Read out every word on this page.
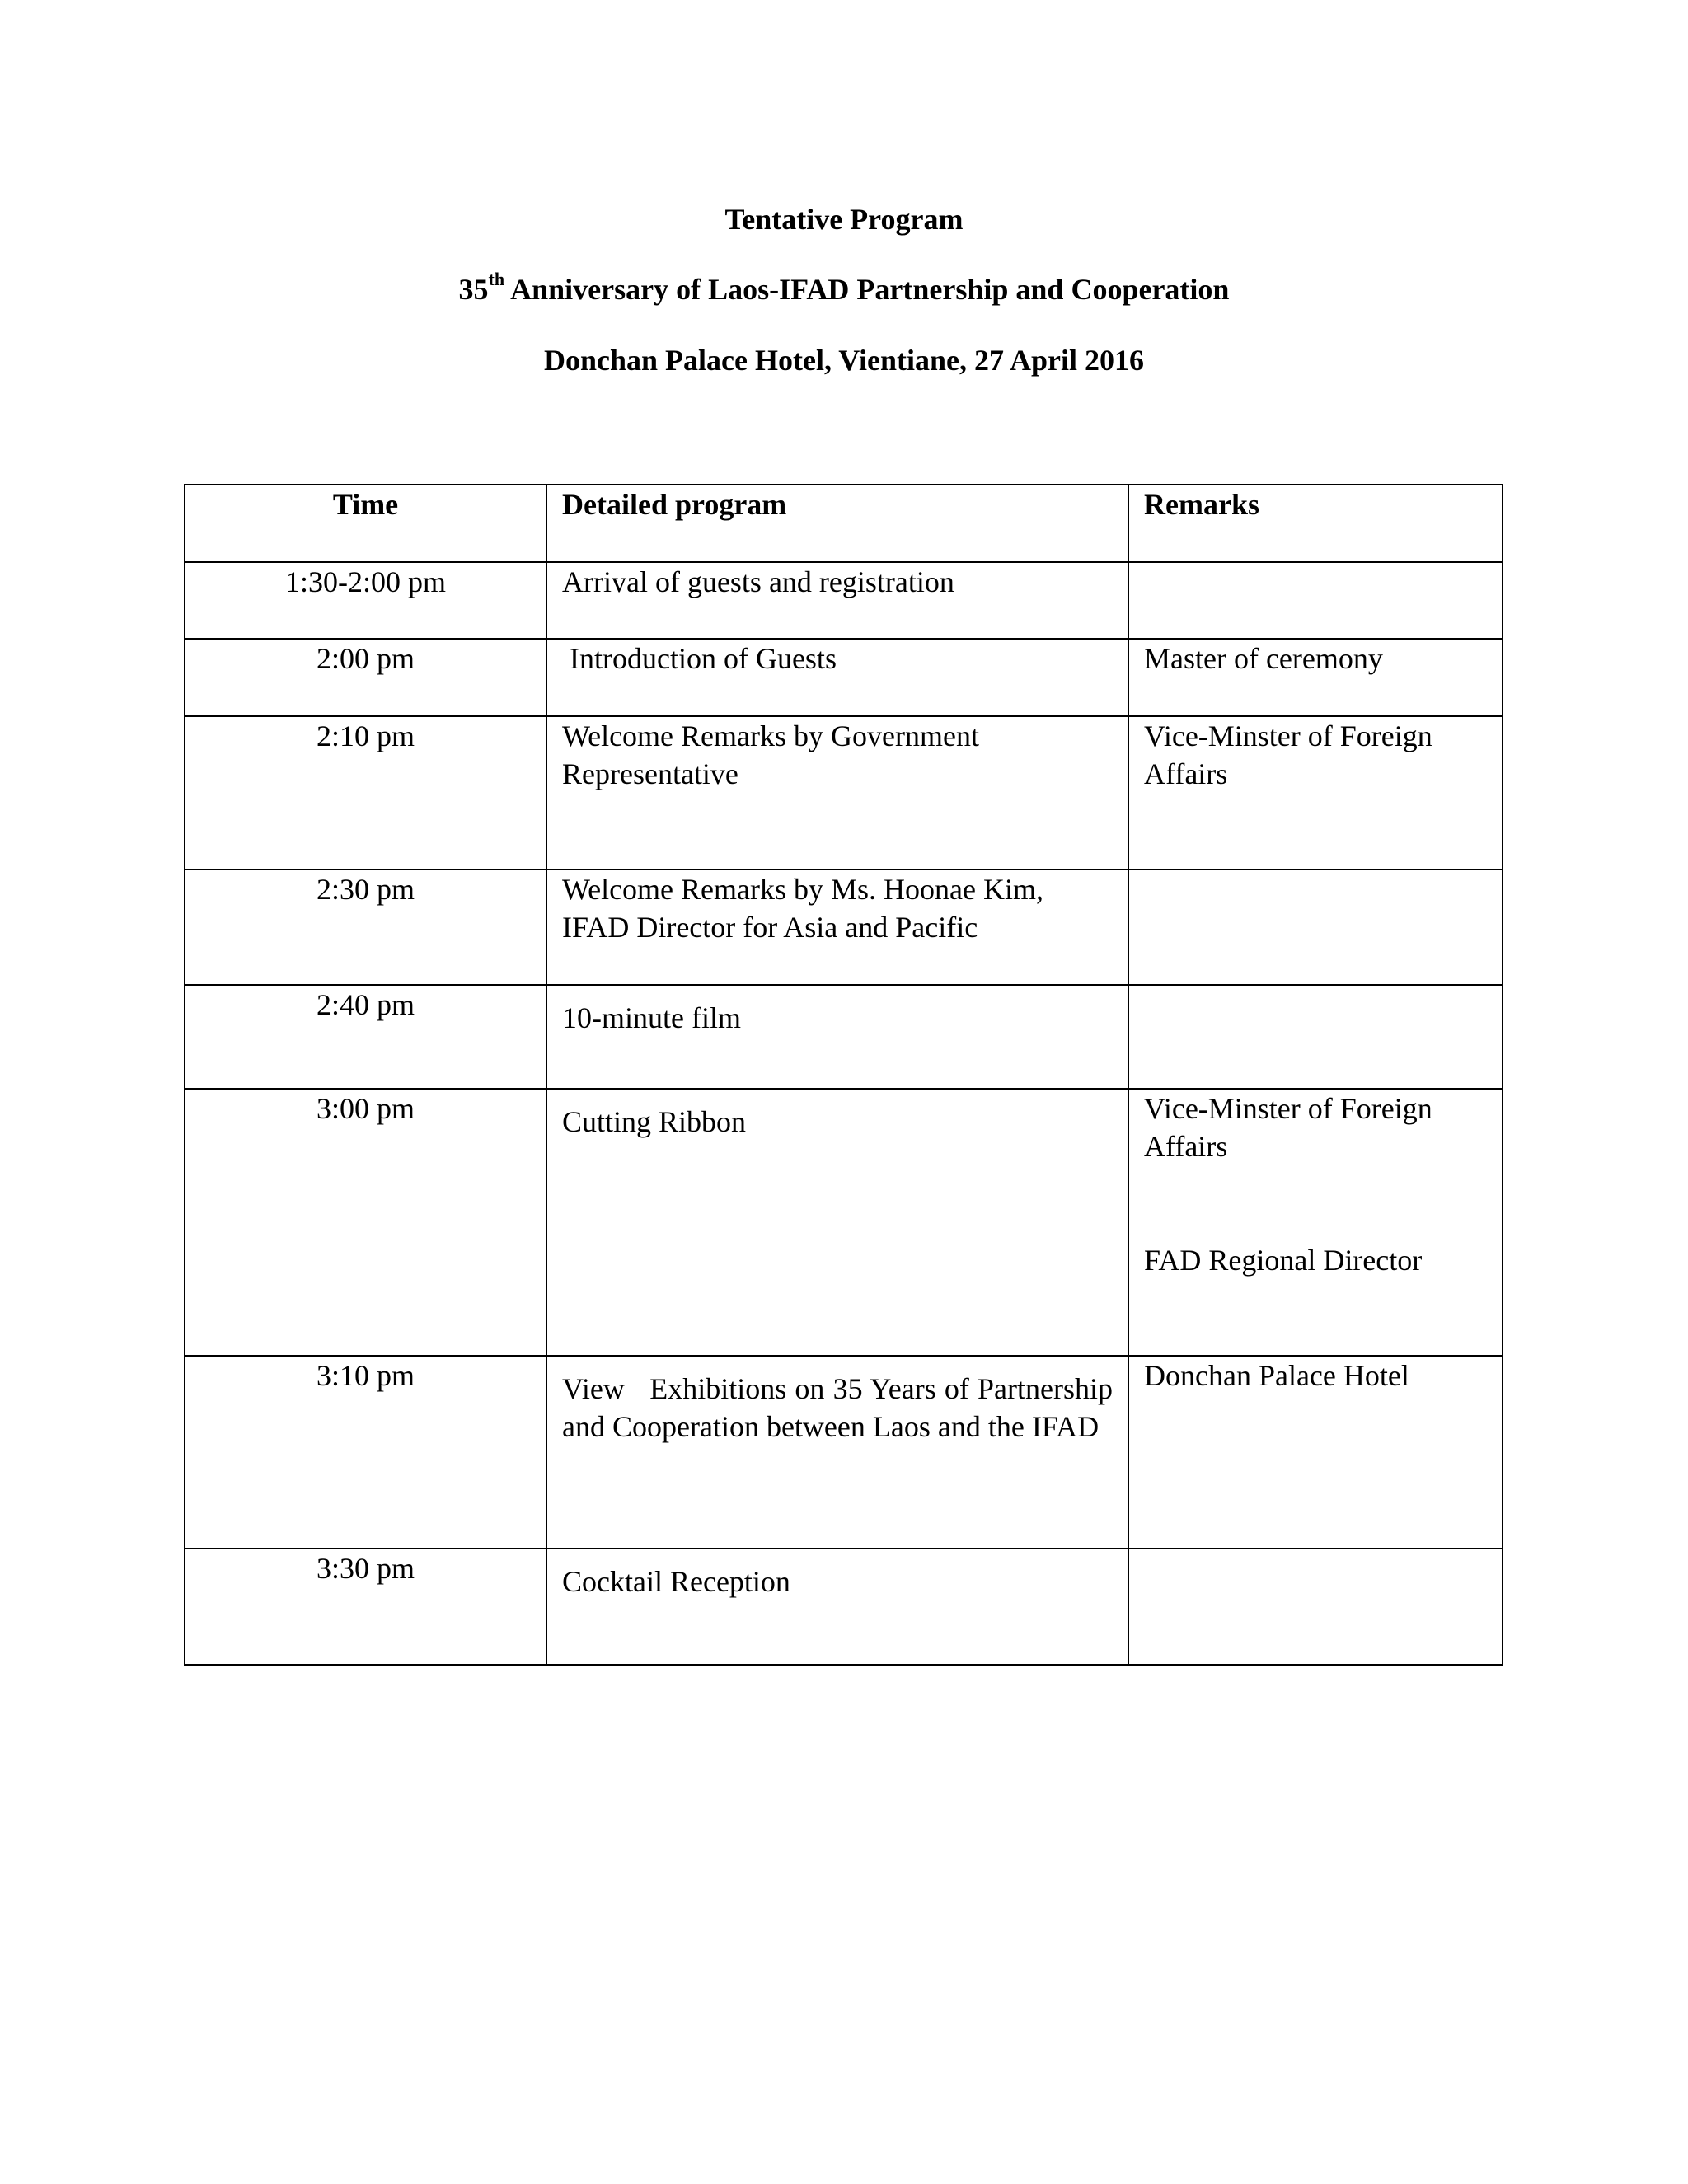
Tentative Program
35th Anniversary of Laos-IFAD Partnership and Cooperation
Donchan Palace Hotel, Vientiane, 27 April 2016
Time	Detailed program	Remarks
1:30-2:00 pm	Arrival of guests and registration	
2:00 pm	Introduction of Guests	Master of ceremony
2:10 pm	Welcome Remarks by Government Representative	Vice-Minster of Foreign Affairs
2:30 pm	Welcome Remarks by Ms. Hoonae Kim, IFAD Director for Asia and Pacific	
2:40 pm	10-minute film	

3:00 pm	Cutting Ribbon	Vice-Minster of Foreign Affairs
FAD Regional Director

3:10 pm	View   Exhibitions on 35 Years of Partnership and Cooperation between Laos and the IFAD	Donchan Palace Hotel
3:30 pm	Cocktail Reception	
